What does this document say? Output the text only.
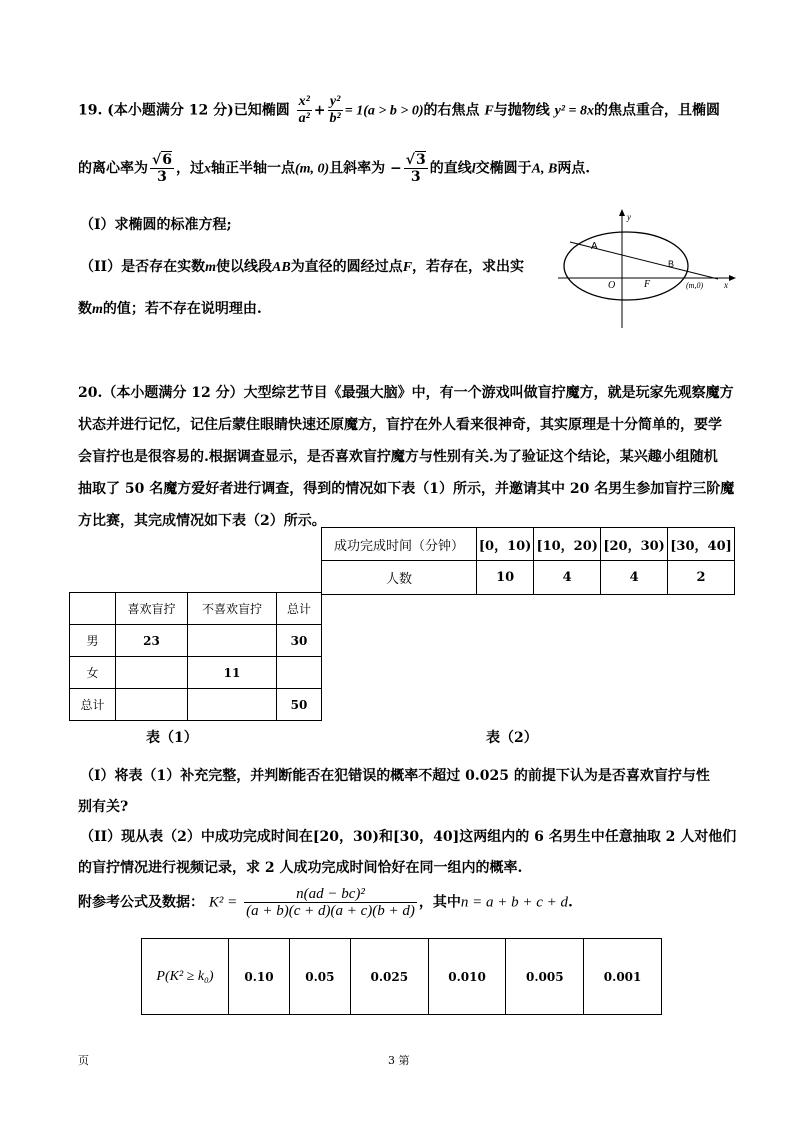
19. (本小题满分 12 分)已知椭圆 $\frac{\text{x²}}{\text{a²}} + \frac{\text{y²}}{\text{b²}} = 1(a > b > 0)$的右焦点 F与抛物线 y² = 8x的焦点重合，且椭圆
的离心率为 $\frac{√6}{3}$ ，过x轴正半轴一点(m, 0)且斜率为 − $\frac{√3}{3}$ 的直线l交椭圆于A, B两点.
（I）求椭圆的标准方程;
（II）是否存在实数m使以线段AB为直径的圆经过点F，若存在，求出实
数m的值；若不存在说明理由.
y
A
B
O	F	(m,0) x
20.（本小题满分 12 分）大型综艺节目《最强大脑》中，有一个游戏叫做盲拧魔方，就是玩家先观察魔方
状态并进行记忆，记住后蒙住眼睛快速还原魔方，盲拧在外人看来很神奇，其实原理是十分简单的，要学
会盲拧也是很容易的.根据调查显示，是否喜欢盲拧魔方与性别有关.为了验证这个结论，某兴趣小组随机
抽取了 50 名魔方爱好者进行调查，得到的情况如下表（1）所示，并邀请其中 20 名男生参加盲拧三阶魔
方比赛，其完成情况如下表（2）所示。
成功完成时间（分钟）	[0，10)	[10，20)	[20，30)	[30，40]
人数	10	4	4	2
	喜欢盲拧	不喜欢盲拧	总计
男	23		30
女		11	
总计			50
表（1）	表（2）
（I）将表（1）补充完整，并判断能否在犯错误的概率不超过 0.025 的前提下认为是否喜欢盲拧与性
别有关?
（II）现从表（2）中成功完成时间在[20，30)和[30，40]这两组内的 6 名男生中任意抽取 2 人对他们
的盲拧情况进行视频记录，求 2 人成功完成时间恰好在同一组内的概率.
附参考公式及数据： $K^2 = \frac{\text{n(ad − bc)²}}{(a + b)(c + d)(a + c)(b + d)}$ ，其中n = a + b + c + d.
P(K² ≥ k₀)	0.10	0.05	0.025	0.010	0.005	0.001
页	3 第
